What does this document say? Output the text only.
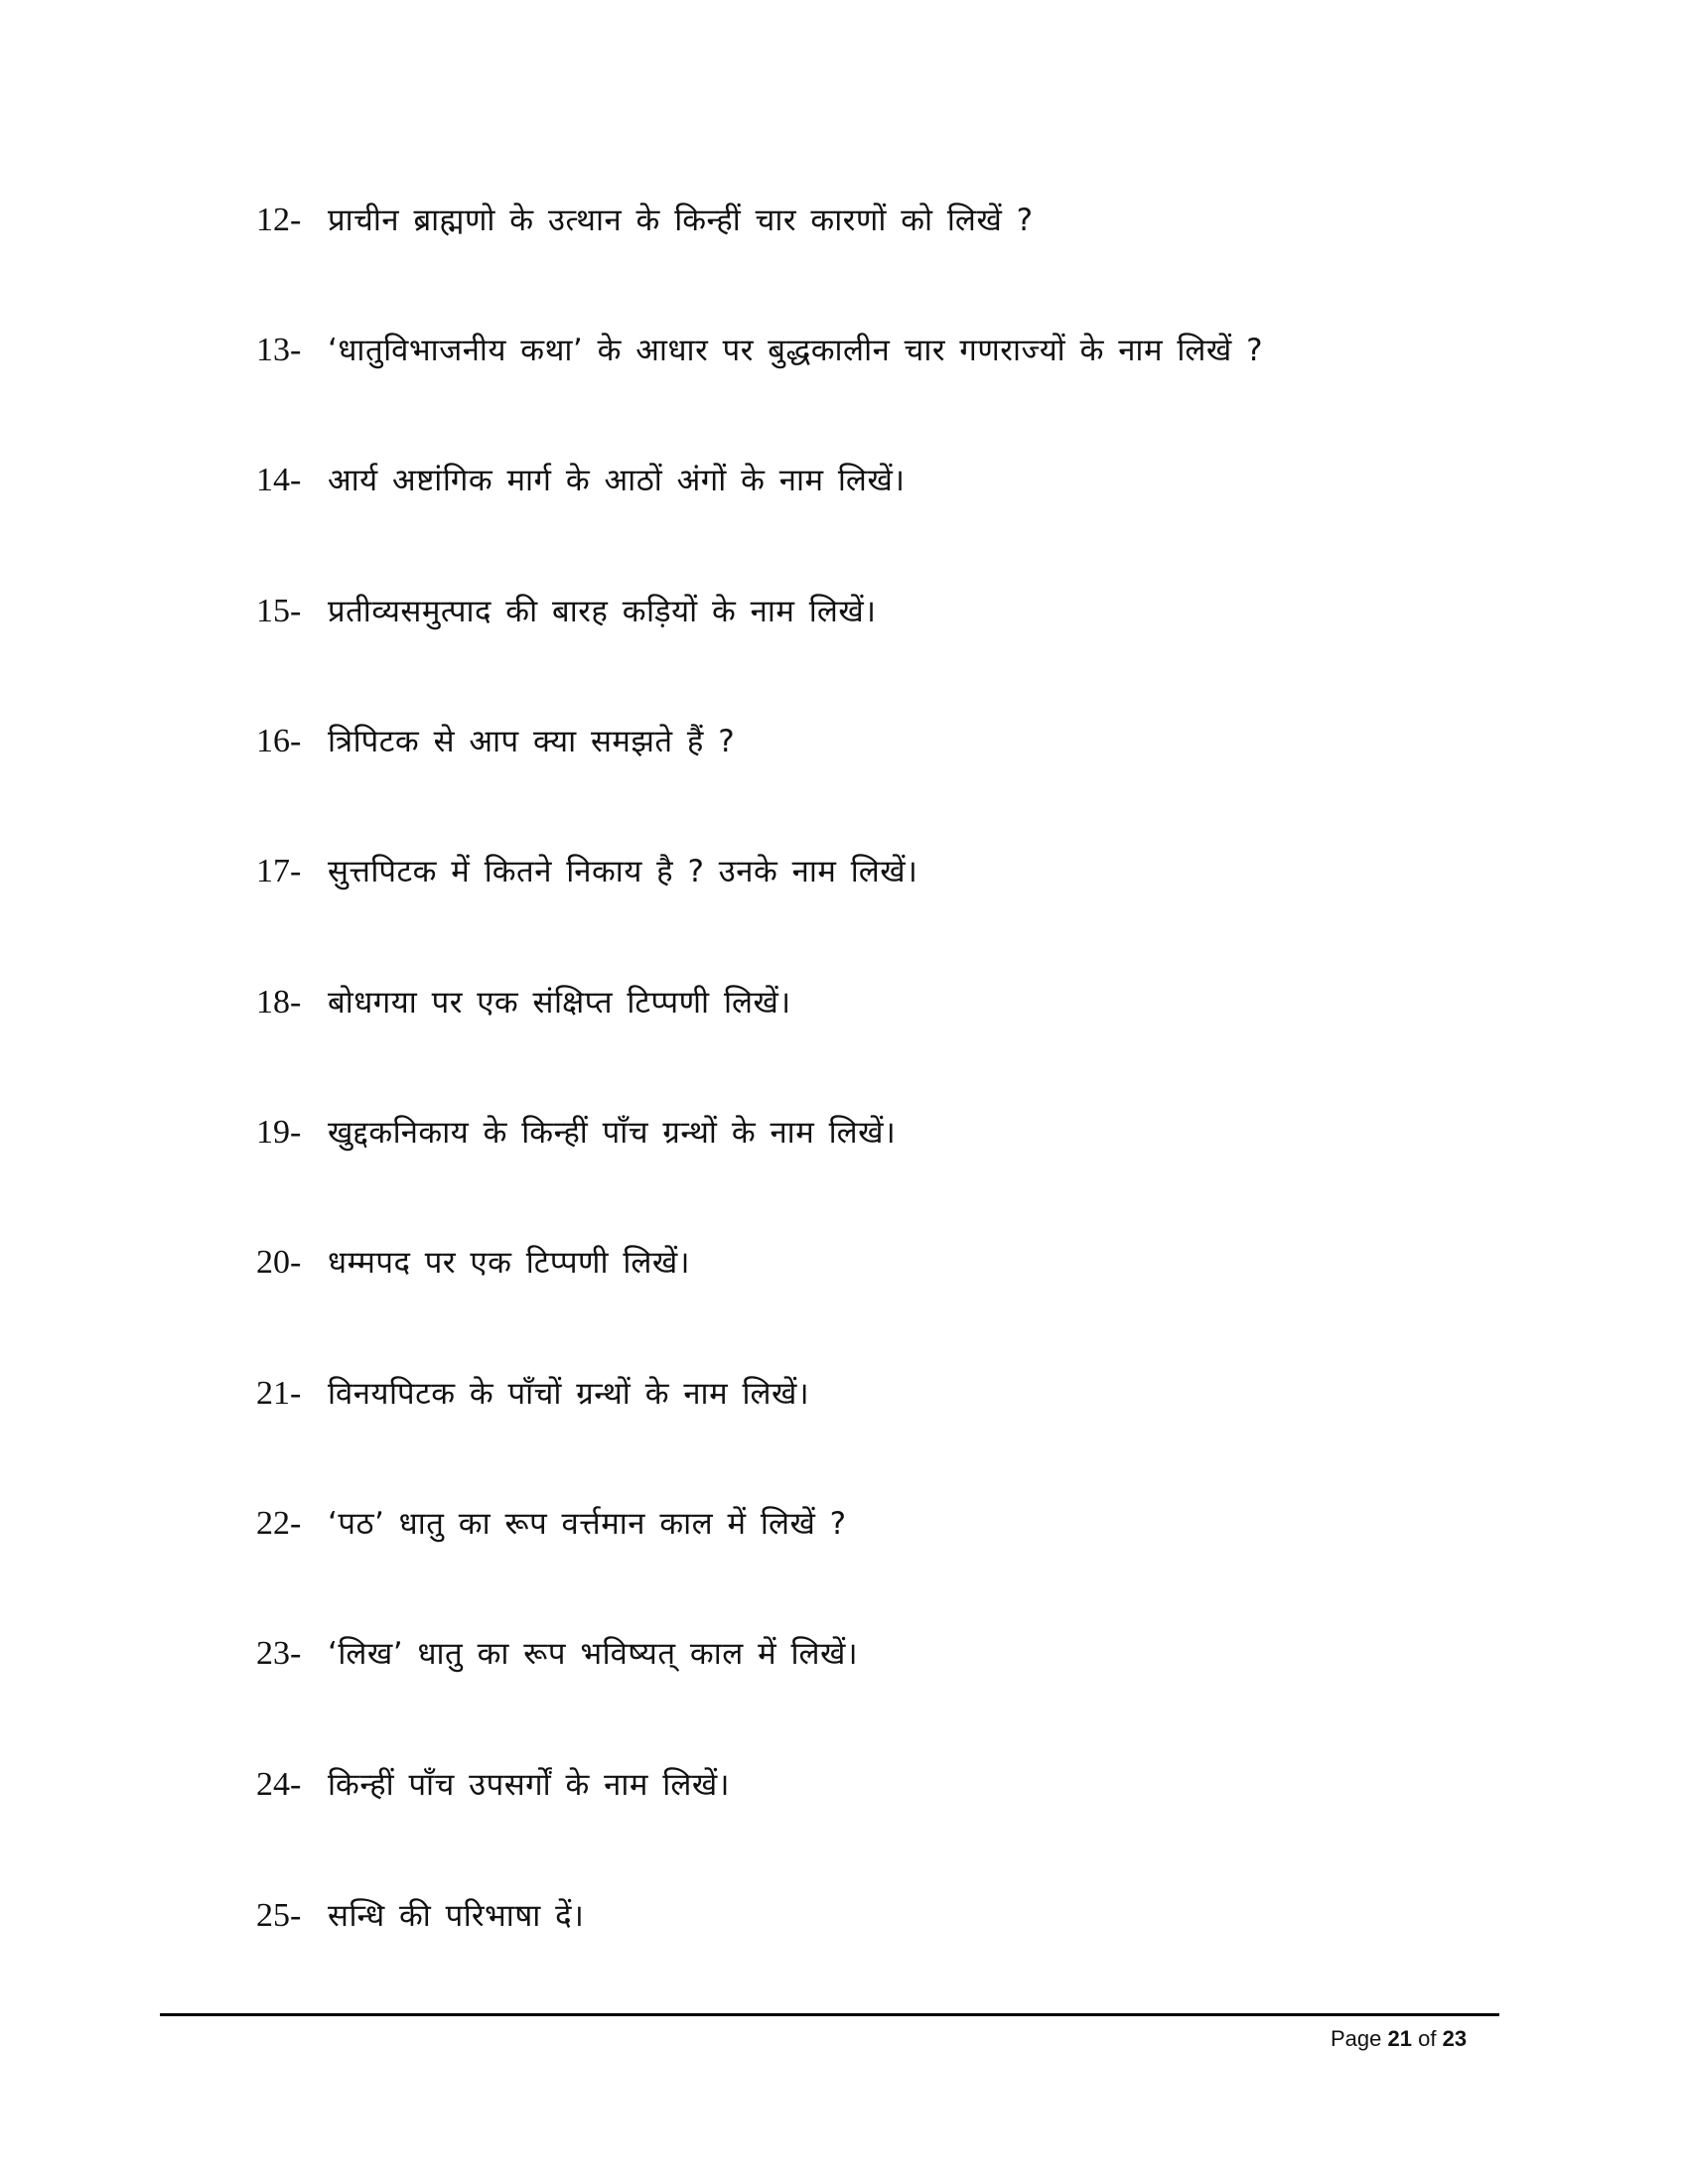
12- प्राचीन ब्राह्मणो के उत्थान के किन्हीं चार कारणों को लिखें ?
13- ‘धातुविभाजनीय कथा’ के आधार पर बुद्धकालीन चार गणराज्यों के नाम लिखें ?
14- आर्य अष्टांगिक मार्ग के आठों अंगों के नाम लिखें।
15- प्रतीव्यसमुत्पाद की बारह कड़ियों के नाम लिखें।
16- त्रिपिटक से आप क्या समझते हैं ?
17- सुत्तपिटक में कितने निकाय है ? उनके नाम लिखें।
18- बोधगया पर एक संक्षिप्त टिप्पणी लिखें।
19- खुद्दकनिकाय के किन्हीं पाँच ग्रन्थों के नाम लिखें।
20- धम्मपद पर एक टिप्पणी लिखें।
21- विनयपिटक के पाँचों ग्रन्थों के नाम लिखें।
22- ‘पठ’ धातु का रूप वर्त्तमान काल में लिखें ?
23- ‘लिख’ धातु का रूप भविष्यत् काल में लिखें।
24- किन्हीं पाँच उपसर्गों के नाम लिखें।
25- सन्धि की परिभाषा दें।
Page 21 of 23
